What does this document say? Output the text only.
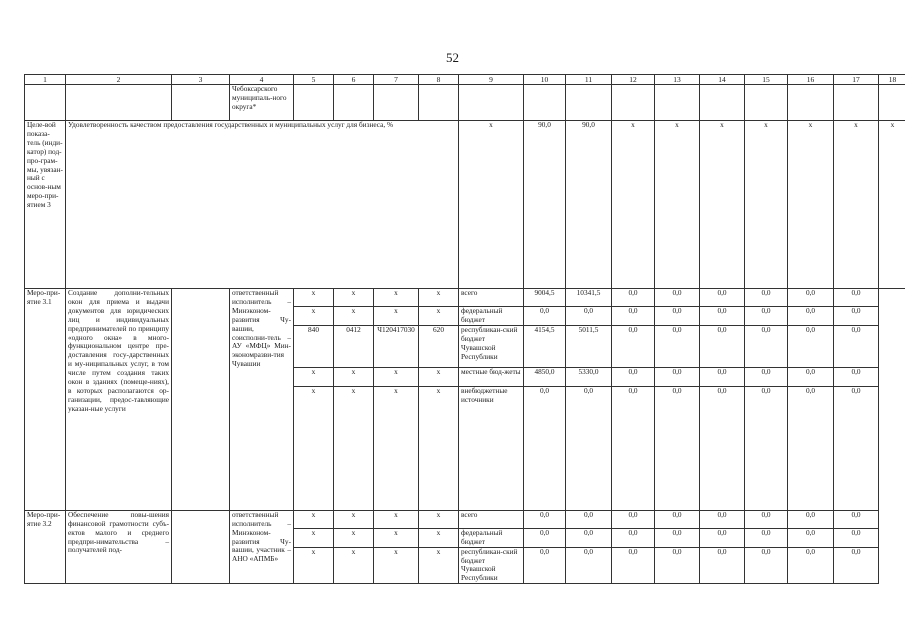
52
1	2	3	4	5	6	7	8	9	10	11	12	13	14	15	16	17	18
			Чебоксарского муниципаль-ного округа*														
Целе-вой показа-тель (инди-катор) под-про-грам-мы, увязан-ный с основ-ным меро-при-ятием 3	Удовлетворенность качеством предоставления государственных и муниципальных услуг для бизнеса, %							x	90,0	90,0	x	x	x	x	x	x	x
Меро-при-ятие 3.1	Создание дополни-тельных окон для приема и выдачи документов для юридических лиц и индивидуальных предпринимателей по принципу «одного окна» в много-функциональном центре пре-доставления госу-дарственных и му-ниципальных услуг, в том числе путем создания таких окон в зданиях (помеще-ниях), в которых располагаются ор-ганизации, предос-тавляющие указан-ные услуги		ответственный исполнитель – Минэконом-развития Чу-вашии, соисполни-тель – АУ «МФЦ» Мин-экономразви-тия Чувашии	x	x	x	x	всего	9004,5	10341,5	0,0	0,0	0,0	0,0	0,0	0,0	
				x	x	x	x	федеральный бюджет	0,0	0,0	0,0	0,0	0,0	0,0	0,0	0,0	
				840	0412	Ч120417030	620	республикан-ский бюджет Чувашской Республики	4154,5	5011,5	0,0	0,0	0,0	0,0	0,0	0,0	
				x	x	x	x	местные бюд-жеты	4850,0	5330,0	0,0	0,0	0,0	0,0	0,0	0,0	
				x	x	x	x	внебюджетные источники	0,0	0,0	0,0	0,0	0,0	0,0	0,0	0,0	
Меро-при-ятие 3.2	Обеспечение повы-шения финансовой грамотности субъ-ектов малого и среднего предпри-нимательства – получателей под-		ответственный исполнитель – Минэконом-развития Чу-вашии, участник – АНО «АПМБ»	x	x	x	x	всего	0,0	0,0	0,0	0,0	0,0	0,0	0,0	0,0	
				x	x	x	x	федеральный бюджет	0,0	0,0	0,0	0,0	0,0	0,0	0,0	0,0	
				x	x	x	x	республикан-ский бюджет Чувашской Республики	0,0	0,0	0,0	0,0	0,0	0,0	0,0	0,0	
